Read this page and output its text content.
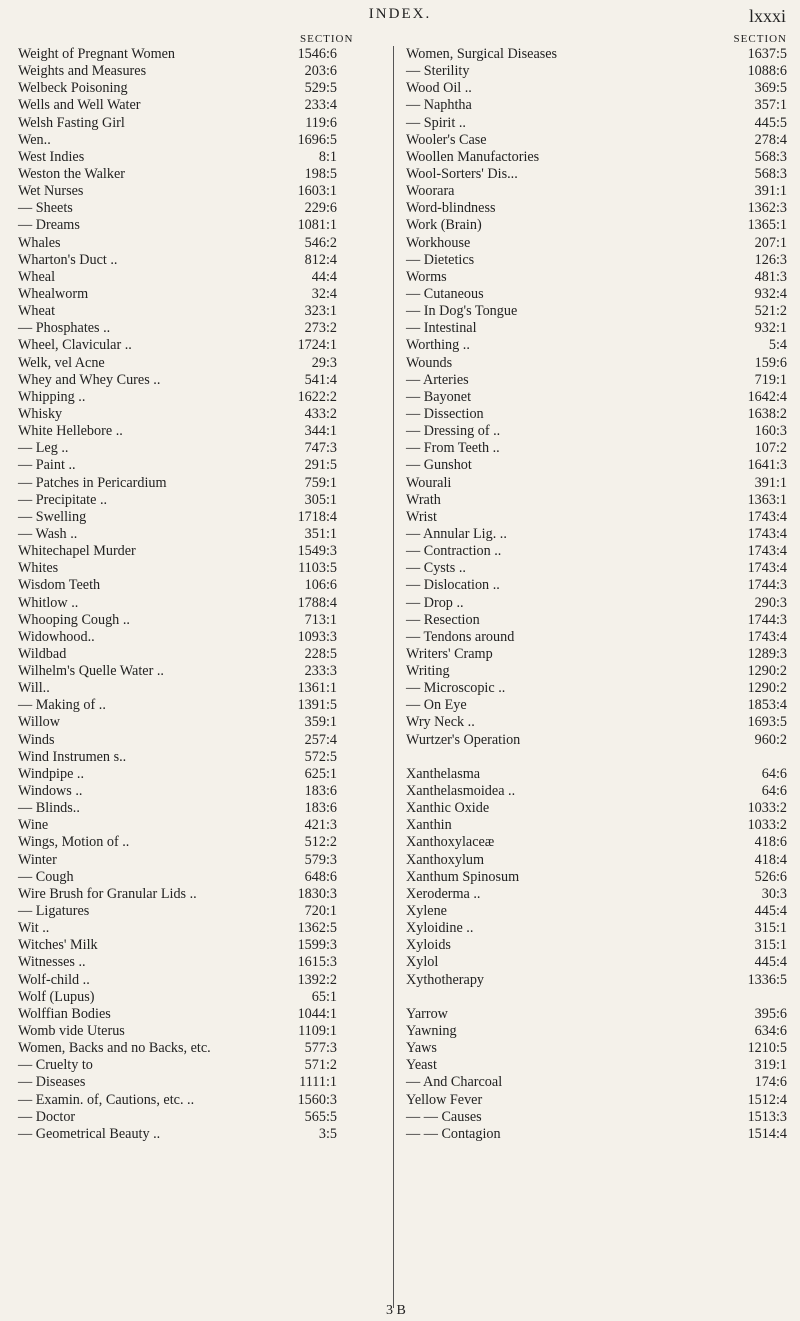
INDEX.	lxxxi
SECTION
Weight of Pregnant Women	1546:6
Weights and Measures	203:6
Welbeck Poisoning	529:5
Wells and Well Water	233:4
Welsh Fasting Girl	119:6
Wen..	1696:5
West Indies	8:1
Weston the Walker	198:5
Wet Nurses	1603:1
— Sheets	229:6
— Dreams	1081:1
Whales	546:2
Wharton's Duct ..	812:4
Wheal	44:4
Whealworm	32:4
Wheat	323:1
— Phosphates ..	273:2
Wheel, Clavicular ..	1724:1
Welk, vel Acne	29:3
Whey and Whey Cures ..	541:4
Whipping ..	1622:2
Whisky	433:2
White Hellebore ..	344:1
— Leg ..	747:3
— Paint ..	291:5
— Patches in Pericardium	759:1
— Precipitate ..	305:1
— Swelling	1718:4
— Wash ..	351:1
Whitechapel Murder	1549:3
Whites	1103:5
Wisdom Teeth	106:6
Whitlow ..	1788:4
Whooping Cough ..	713:1
Widowhood..	1093:3
Wildbad	228:5
Wilhelm's Quelle Water ..	233:3
Will..	1361:1
— Making of ..	1391:5
Willow	359:1
Winds	257:4
Wind Instrumen s..	572:5
Windpipe ..	625:1
Windows ..	183:6
— Blinds..	183:6
Wine	421:3
Wings, Motion of ..	512:2
Winter	579:3
— Cough	648:6
Wire Brush for Granular Lids ..	1830:3
— Ligatures	720:1
Wit ..	1362:5
Witches' Milk	1599:3
Witnesses ..	1615:3
Wolf-child ..	1392:2
Wolf (Lupus)	65:1
Wolffian Bodies	1044:1
Womb vide Uterus	1109:1
Women, Backs and no Backs, etc.	577:3
— Cruelty to	571:2
— Diseases	1111:1
— Examin. of, Cautions, etc. ..	1560:3
— Doctor	565:5
— Geometrical Beauty ..	3:5
SECTION
Women, Surgical Diseases	1637:5
— Sterility	1088:6
Wood Oil ..	369:5
— Naphtha	357:1
— Spirit ..	445:5
Wooler's Case	278:4
Woollen Manufactories	568:3
Wool-Sorters' Dis...	568:3
Woorara	391:1
Word-blindness	1362:3
Work (Brain)	1365:1
Workhouse	207:1
— Dietetics	126:3
Worms	481:3
— Cutaneous	932:4
— In Dog's Tongue	521:2
— Intestinal	932:1
Worthing ..	5:4
Wounds	159:6
— Arteries	719:1
— Bayonet	1642:4
— Dissection	1638:2
— Dressing of ..	160:3
— From Teeth ..	107:2
— Gunshot	1641:3
Wourali	391:1
Wrath	1363:1
Wrist	1743:4
— Annular Lig. ..	1743:4
— Contraction ..	1743:4
— Cysts ..	1743:4
— Dislocation ..	1744:3
— Drop ..	290:3
— Resection	1744:3
— Tendons around	1743:4
Writers' Cramp	1289:3
Writing	1290:2
— Microscopic ..	1290:2
— On Eye	1853:4
Wry Neck ..	1693:5
Wurtzer's Operation	960:2
Xanthelasma	64:6
Xanthelasmoidea ..	64:6
Xanthic Oxide	1033:2
Xanthin	1033:2
Xanthoxylaceæ	418:6
Xanthoxylum	418:4
Xanthum Spinosum	526:6
Xeroderma ..	30:3
Xylene	445:4
Xyloidine ..	315:1
Xyloids	315:1
Xylol	445:4
Xythotherapy	1336:5
Yarrow	395:6
Yawning	634:6
Yaws	1210:5
Yeast	319:1
— And Charcoal	174:6
Yellow Fever	1512:4
— — Causes	1513:3
— — Contagion	1514:4
3 B
